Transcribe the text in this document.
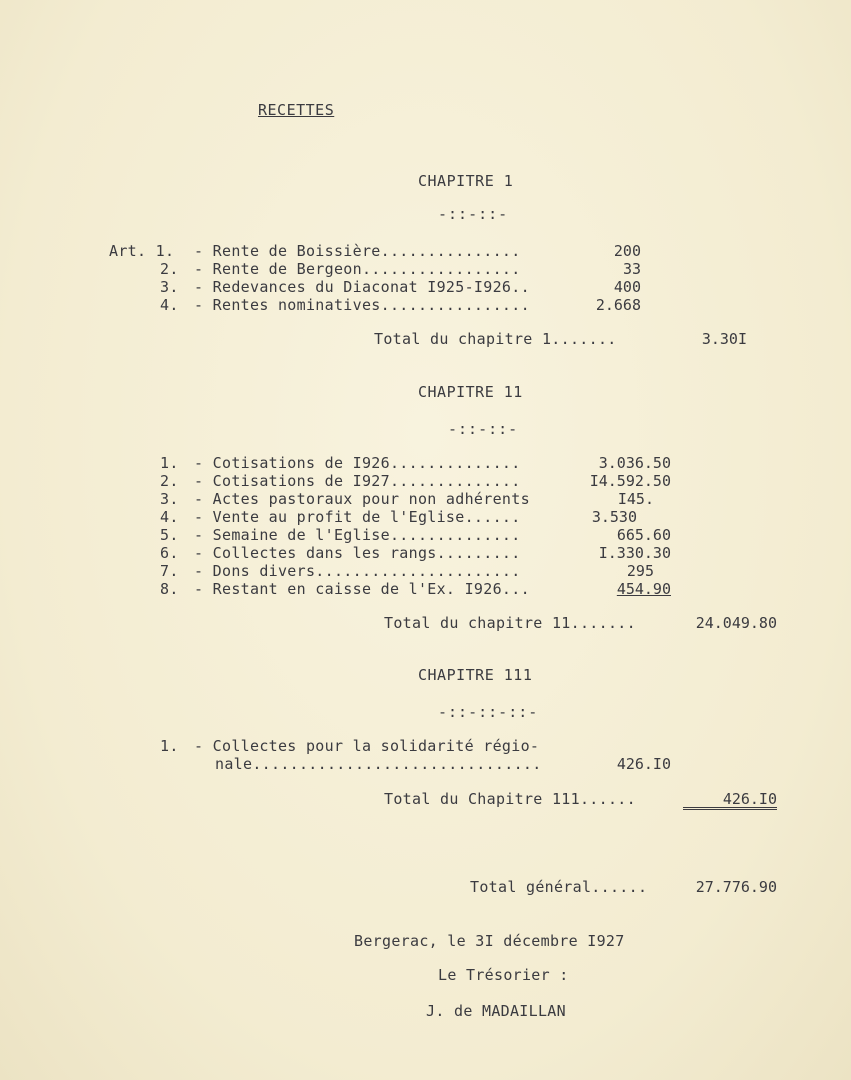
RECETTES
CHAPITRE 1
-::-::-
Art. 1. - Rente de Boissière...............	200
2. - Rente de Bergeon.................	33
3. - Redevances du Diaconat I925-I926..	400
4. - Rentes nominatives................	2.668
Total du chapitre 1.......	3.30I
CHAPITRE 11
-::-::-
1. - Cotisations de I926..............	3.036.50
2. - Cotisations de I927..............	I4.592.50
3. - Actes pastoraux pour non adhérents	I45.
4. - Vente au profit de l'Eglise......	3.530
5. - Semaine de l'Eglise..............	665.60
6. - Collectes dans les rangs.........	I.330.30
7. - Dons divers......................	295
8. - Restant en caisse de l'Ex. I926...	454.90
Total du chapitre 11.......	24.049.80
CHAPITRE 111
-::-::-::-
1. - Collectes pour la solidarité régio-
nale...............................	426.I0
Total du Chapitre 111......	426.I0
Total général......	27.776.90
Bergerac, le 3I décembre I927
Le Trésorier :
J. de MADAILLAN
